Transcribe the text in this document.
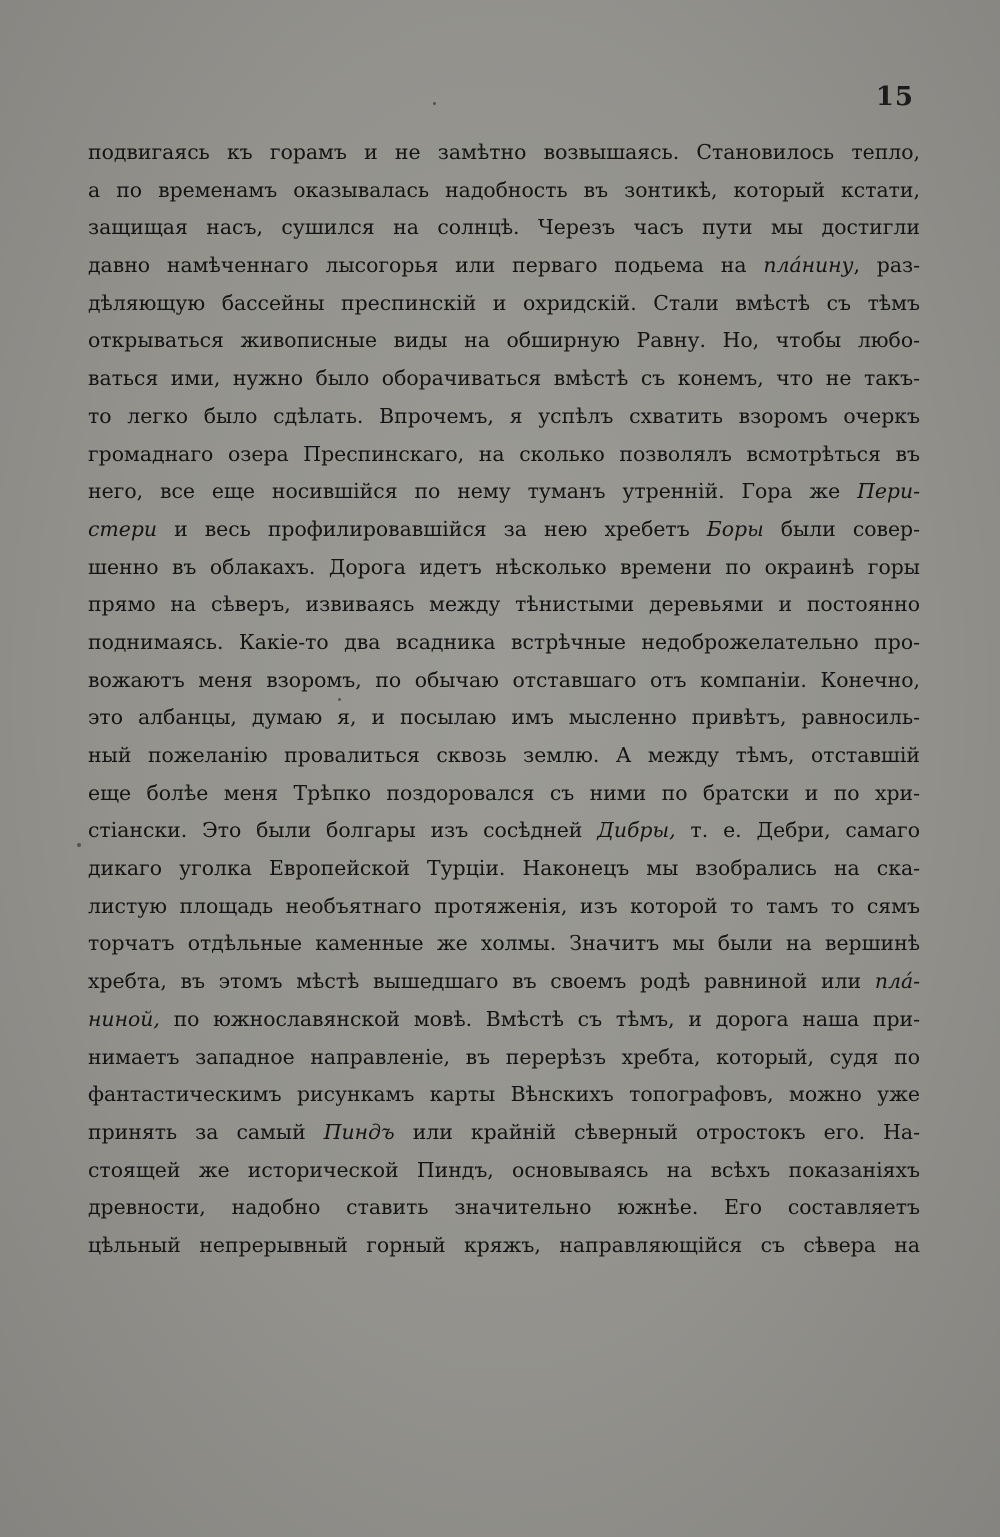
15
подвигаясь къ горамъ и не замѣтно возвышаясь. Становилось тепло,
а по временамъ оказывалась надобность въ зонтикѣ, который кстати,
защищая насъ, сушился на солнцѣ. Черезъ часъ пути мы достигли
давно намѣченнаго лысогорья или перваго подьема на пла́нину, раз-
дѣляющую бассейны преспинскій и охридскій. Стали вмѣстѣ съ тѣмъ
открываться живописные виды на обширную Равну. Но, чтобы любо-
ваться ими, нужно было оборачиваться вмѣстѣ съ конемъ, что не такъ-
то легко было сдѣлать. Впрочемъ, я успѣлъ схватить взоромъ очеркъ
громаднаго озера Преспинскаго, на сколько позволялъ всмотрѣться въ
него, все еще носившійся по нему туманъ утренній. Гора же Пери-
стери и весь профилировавшійся за нею хребетъ Боры были совер-
шенно въ облакахъ. Дорога идетъ нѣсколько времени по окраинѣ горы
прямо на сѣверъ, извиваясь между тѣнистыми деревьями и постоянно
поднимаясь. Какіе-то два всадника встрѣчные недоброжелательно про-
вожаютъ меня взоромъ, по обычаю отставшаго отъ компаніи. Конечно,
это албанцы, думаю я, и посылаю имъ мысленно привѣтъ, равносиль-
ный пожеланію провалиться сквозь землю. А между тѣмъ, отставшій
еще болѣе меня Трѣпко поздоровался съ ними по братски и по хри-
стіански. Это были болгары изъ сосѣдней Дибры, т. е. Дебри, самаго
дикаго уголка Европейской Турціи. Наконецъ мы взобрались на ска-
листую площадь необъятнаго протяженія, изъ которой то тамъ то сямъ
торчатъ отдѣльные каменные же холмы. Значитъ мы были на вершинѣ
хребта, въ этомъ мѣстѣ вышедшаго въ своемъ родѣ равниной или пла́-
ниной, по южнославянской мовѣ. Вмѣстѣ съ тѣмъ, и дорога наша при-
нимаетъ западное направленіе, въ перерѣзъ хребта, который, судя по
фантастическимъ рисункамъ карты Вѣнскихъ топографовъ, можно уже
принять за самый Пиндъ или крайній сѣверный отростокъ его. На-
стоящей же исторической Пиндъ, основываясь на всѣхъ показаніяхъ
древности, надобно ставить значительно южнѣе. Его составляетъ
цѣльный непрерывный горный кряжъ, направляющійся съ сѣвера на
